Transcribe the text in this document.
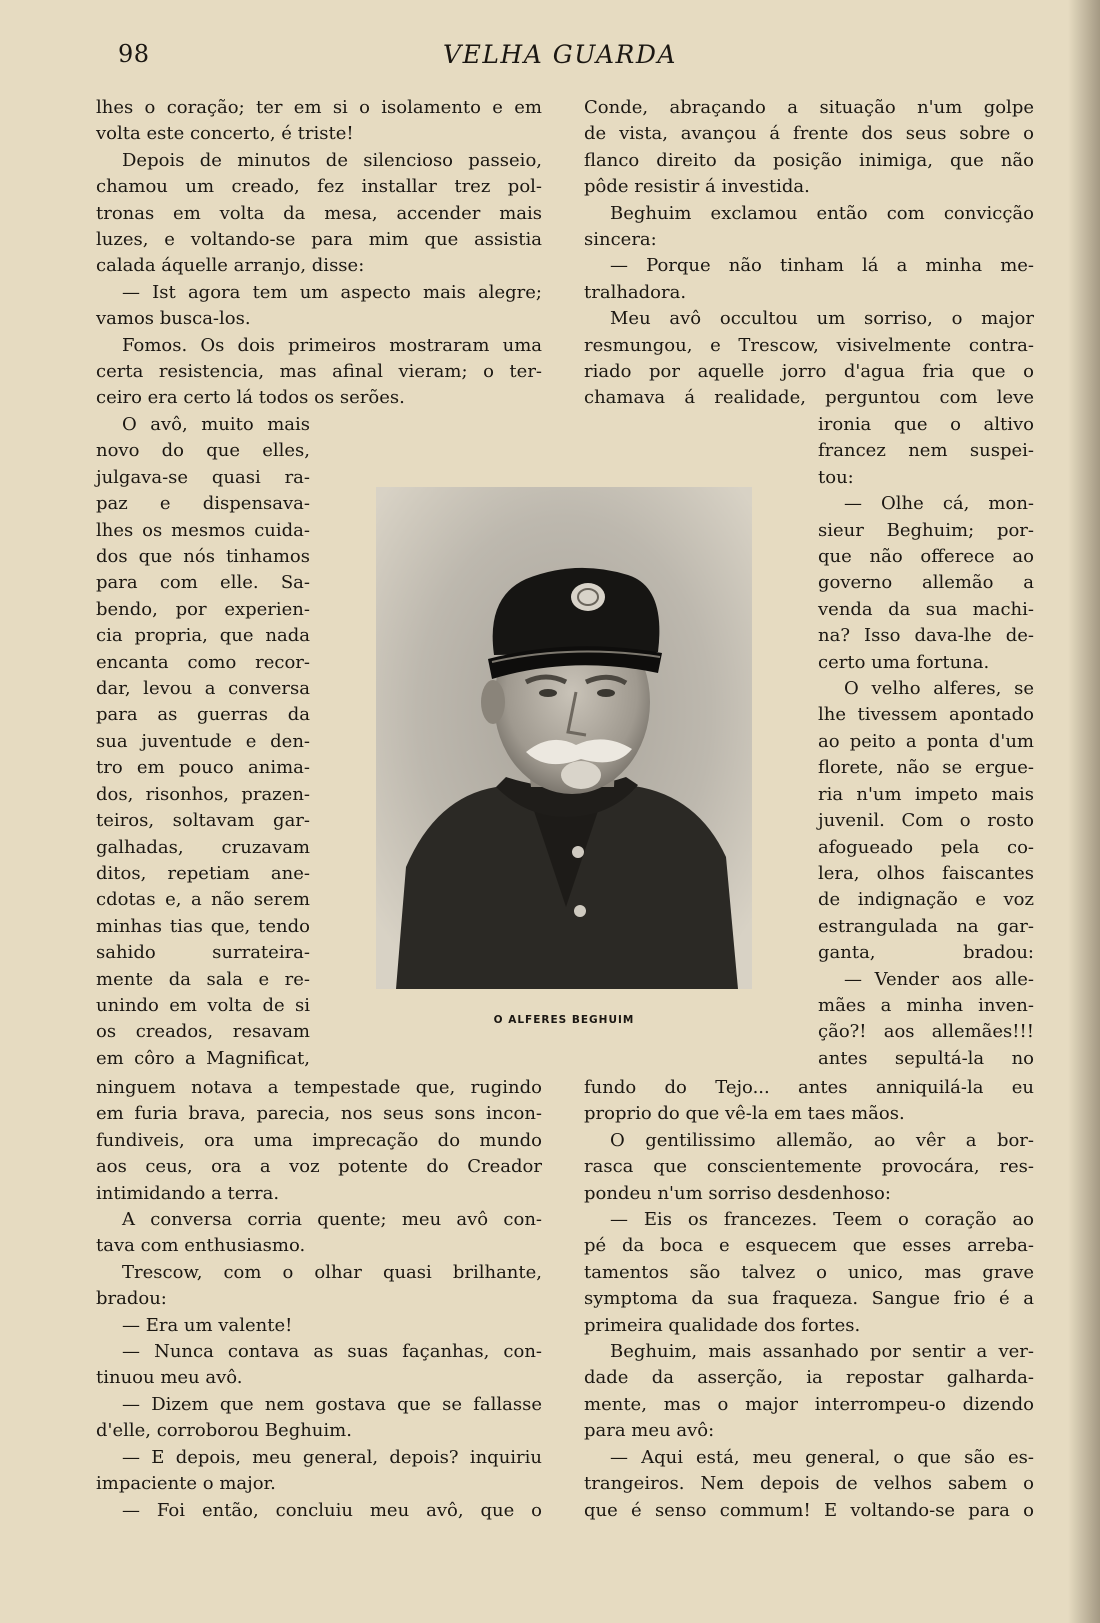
98	VELHA GUARDA
lhes o coração; ter em si o isolamento e em
volta este concerto, é triste!
Depois de minutos de silencioso passeio,
chamou um creado, fez installar trez pol-
tronas em volta da mesa, accender mais
luzes, e voltando-se para mim que assistia
calada áquelle arranjo, disse:
— Ist agora tem um aspecto mais alegre;
vamos busca-los.
Fomos. Os dois primeiros mostraram uma
certa resistencia, mas afinal vieram; o ter-
ceiro era certo lá todos os serões.
O avô, muito mais
novo do que elles,
julgava-se quasi ra-
paz e dispensava-
lhes os mesmos cuida-
dos que nós tinhamos
para com elle. Sa-
bendo, por experien-
cia propria, que nada
encanta como recor-
dar, levou a conversa
para as guerras da
sua juventude e den-
tro em pouco anima-
dos, risonhos, prazen-
teiros, soltavam gar-
galhadas, cruzavam
ditos, repetiam ane-
cdotas e, a não serem
minhas tias que, tendo
sahido surrateira-
mente da sala e re-
unindo em volta de si
os creados, resavam
em côro a Magnificat,
ninguem notava a tempestade que, rugindo
em furia brava, parecia, nos seus sons incon-
fundiveis, ora uma imprecação do mundo
aos ceus, ora a voz potente do Creador
intimidando a terra.
A conversa corria quente; meu avô con-
tava com enthusiasmo.
Trescow, com o olhar quasi brilhante,
bradou:
— Era um valente!
— Nunca contava as suas façanhas, con-
tinuou meu avô.
— Dizem que nem gostava que se fallasse
d'elle, corroborou Beghuim.
— E depois, meu general, depois? inquiriu
impaciente o major.
— Foi então, concluiu meu avô, que o
Conde, abraçando a situação n'um golpe
de vista, avançou á frente dos seus sobre o
flanco direito da posição inimiga, que não
pôde resistir á investida.
Beghuim exclamou então com convicção
sincera:
— Porque não tinham lá a minha me-
tralhadora.
Meu avô occultou um sorriso, o major
resmungou, e Trescow, visivelmente contra-
riado por aquelle jorro d'agua fria que o
chamava á realidade, perguntou com leve
ironia que o altivo
francez nem suspei-
tou:
— Olhe cá, mon-
sieur Beghuim; por-
que não offerece ao
governo allemão a
venda da sua machi-
na? Isso dava-lhe de-
certo uma fortuna.
O velho alferes, se
lhe tivessem apontado
ao peito a ponta d'um
florete, não se ergue-
ria n'um impeto mais
juvenil. Com o rosto
afogueado pela co-
lera, olhos faiscantes
de indignação e voz
estrangulada na gar-
ganta, bradou:
— Vender aos alle-
mães a minha inven-
ção?! aos allemães!!!
antes sepultá-la no
fundo do Tejo... antes anniquilá-la eu
proprio do que vê-la em taes mãos.
O gentilissimo allemão, ao vêr a bor-
rasca que conscientemente provocára, res-
pondeu n'um sorriso desdenhoso:
— Eis os francezes. Teem o coração ao
pé da boca e esquecem que esses arreba-
tamentos são talvez o unico, mas grave
symptoma da sua fraqueza. Sangue frio é a
primeira qualidade dos fortes.
Beghuim, mais assanhado por sentir a ver-
dade da asserção, ia repostar galharda-
mente, mas o major interrompeu-o dizendo
para meu avô:
— Aqui está, meu general, o que são es-
trangeiros. Nem depois de velhos sabem o
que é senso commum! E voltando-se para o
O ALFERES BEGHUIM
